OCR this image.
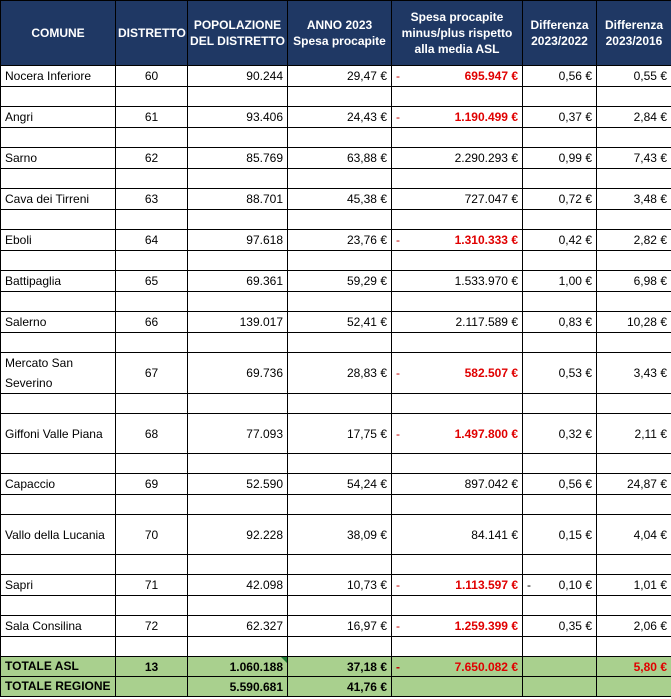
COMUNE	DISTRETTO	POPOLAZIONE DEL DISTRETTO	ANNO 2023 Spesa procapite	Spesa procapite minus/plus rispetto alla media ASL	Differenza 2023/2022	Differenza 2023/2016
Nocera Inferiore	60	90.244	29,47 €	- 695.947 €	0,56 €	0,55 €

Angri	61	93.406	24,43 €	- 1.190.499 €	0,37 €	2,84 €

Sarno	62	85.769	63,88 €	2.290.293 €	0,99 €	7,43 €

Cava dei Tirreni	63	88.701	45,38 €	727.047 €	0,72 €	3,48 €

Eboli	64	97.618	23,76 €	- 1.310.333 €	0,42 €	2,82 €

Battipaglia	65	69.361	59,29 €	1.533.970 €	1,00 €	6,98 €

Salerno	66	139.017	52,41 €	2.117.589 €	0,83 €	10,28 €

Mercato San Severino	67	69.736	28,83 €	- 582.507 €	0,53 €	3,43 €

Giffoni Valle Piana	68	77.093	17,75 €	- 1.497.800 €	0,32 €	2,11 €

Capaccio	69	52.590	54,24 €	897.042 €	0,56 €	24,87 €

Vallo della Lucania	70	92.228	38,09 €	84.141 €	0,15 €	4,04 €

Sapri	71	42.098	10,73 €	- 1.113.597 €	- 0,10 €	1,01 €

Sala Consilina	72	62.327	16,97 €	- 1.259.399 €	0,35 €	2,06 €

TOTALE ASL	13	1.060.188	37,18 €	- 7.650.082 €		5,80 €
TOTALE REGIONE		5.590.681	41,76 €			
